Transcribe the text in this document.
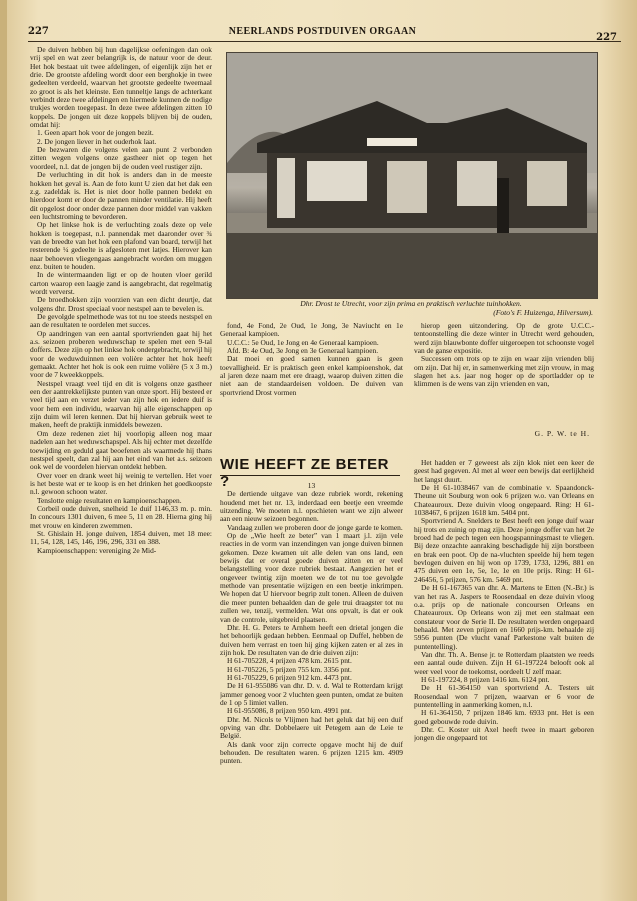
227	NEERLANDS POSTDUIVEN ORGAAN
227

De duiven hebben bij hun dagelijkse oefeningen dan ook vrij spel en wat zeer belangrijk is, de natuur voor de deur. Het hok bestaat uit twee afdelingen, of eigenlijk zijn het er drie. De grootste afdeling wordt door een berghokje in twee gedeelten verdeeld, waarvan het grootste gedeelte tweemaal zo groot is als het kleinste. Een tunneltje langs de achterkant verbindt deze twee afdelingen en hiermede kunnen de nodige trukjes worden toegepast. In deze twee afdelingen zitten 10 koppels. De jongen uit deze koppels blijven bij de ouden, omdat hij:

1. Geen apart hok voor de jongen bezit.

2. De jongen liever in het ouderhok laat.

De bezwaren die volgens velen aan punt 2 verbonden zitten wegen volgens onze gastheer niet op tegen het voordeel, n.l. dat de jongen bij de ouden veel rustiger zijn.

De verluchting in dit hok is anders dan in de meeste hokken het geval is. Aan de foto kunt U zien dat het dak een z.g. zadeldak is. Het is niet door holle pannen bedekt en hierdoor komt er door de pannen minder ventilatie. Hij heeft dit opgelost door onder deze pannen door middel van vakken een luchtstroming te bevorderen.

Op het linkse hok is de verluchting zoals deze op vele hokken is toegepast, n.l. pannendak met daaronder over ¾ van de breedte van het hok een plafond van board, terwijl het resterende ¼ gedeelte is afgesloten met latjes. Hierover kan naar behoeven vliegengaas aangebracht worden om muggen enz. buiten te houden.

In de wintermaanden ligt er op de houten vloer gerild carton waarop een laagje zand is aangebracht, dat regelmatig wordt ververst.

De broedhokken zijn voorzien van een dicht deurtje, dat volgens dhr. Drost speciaal voor nestspel aan te bevelen is.

De gevolgde spelmethode was tot nu toe steeds nestspel en aan de resultaten te oordelen met succes.

Op aandringen van een aantal sportvrienden gaat hij het a.s. seizoen proberen weduwschap te spelen met een 9-tal doffers. Deze zijn op het linkse hok ondergebracht, terwijl hij voor de weduwduinnen een volière achter het hok heeft gemaakt. Achter het hok is ook een ruime volière (5 x 3 m.) voor de 7 kweekkoppels.

Nestspel vraagt veel tijd en dit is volgens onze gastheer een der aantrekkelijkste punten van onze sport. Hij besteed er veel tijd aan en verzet ieder van zijn hok en iedere duif is voor hem een individu, waarvan hij alle eigenschappen op zijn duim wil leren kennen. Dat hij hiervan gebruik weet te maken, heeft de praktijk inmiddels bewezen.

Om deze redenen ziet hij voorlopig alleen nog maar nadelen aan het weduwschapspel. Als hij echter met dezelfde toewijding en geduld gaat beoefenen als waarmede hij thans nestspel speelt, dan zal hij aan het eind van het a.s. seizoen ook wel de voordelen hiervan ontdekt hebben.

Over voer en drank weet hij weinig te vertellen. Het voer is het beste wat er te koop is en het drinken het goedkoopste n.l. gewoon schoon water.

Tenslotte enige resultaten en kampioenschappen.

Corbeil oude duiven, snelheid 1e duif 1146,33 m. p. min. In concours 1301 duiven, 6 mee 5, 11 en 28. Hierna ging hij met vrouw en kinderen zwemmen.

St. Ghislain H. jonge duiven, 1854 duiven, met 18 mee: 11, 54, 128, 145, 146, 196, 296, 331 en 388.

Kampioenschappen: vereniging 2e Mid-

Dhr. Drost te Utrecht, voor zijn prima en praktisch verluchte tuinhokken.
(Foto's F. Huizenga, Hilversum).

fond, 4e Fond, 2e Oud, 1e Jong, 3e Naviucht en 1e Generaal kampioen.

U.C.C.: 5e Oud, 1e Jong en 4e Generaal kampioen.

Afd. B: 4e Oud, 3e Jong en 3e Generaal kampioen.

Dat moei en goed samen kunnen gaan is geen toevalligheid. Er is praktisch geen enkel kampioenshok, dat al jaren deze naam met ere draagt, waarop duiven zitten die niet aan de standaardeisen voldoen. De duiven van sportvriend Drost vormen

hierop geen uitzondering. Op de grote U.C.C.-tentoonstelling die deze winter in Utrecht werd gehouden, werd zijn blauwbonte doffer uitgeroepen tot schoonste vogel van de ganse expositie.

Successen om trots op te zijn en waar zijn vrienden blij om zijn. Dat hij er, in samenwerking met zijn vrouw, in mag slagen het a.s. jaar nog hoger op de sportladder op te klimmen is de wens van zijn vrienden en van,

G. P. W. te H.
WIE HEEFT ZE BETER ?	13

De dertiende uitgave van deze rubriek wordt, rekening houdend met het nr. 13, inderdaad een beetje een vreemde uitzending. We moeten n.l. opschieten want we zijn alweer aan een nieuw seizoen begonnen.

Vandaag zullen we proberen door de jonge garde te komen.

Op de „Wie heeft ze beter” van 1 maart j.l. zijn vele reacties in de vorm van inzendingen van jonge duiven binnen gekomen. Deze kwamen uit alle delen van ons land, een bewijs dat er overal goede duiven zitten en er veel belangstelling voor deze rubriek bestaat. Aangezien het er ongeveer twintig zijn moeten we de tot nu toe gevolgde methode van presentatie wijzigen en een beetje inkrimpen. We hopen dat U hiervoor begrip zult tonen. Alleen de duiven die meer punten behaalden dan de gele trui draagster tot nu zullen we, tenzij, vermelden. Wat ons opvalt, is dat er ook van de controle, uitgebreid plaatsen.

Dhr. H. G. Peters te Arnhem heeft een drietal jongen die het behoorlijk gedaan hebben. Eenmaal op Duffel, hebben de duiven hem verrast en toen hij ging kijken zaten er al zes in zijn hok. De resultaten van de drie duiven zijn:

H 61-705228, 4 prijzen 478 km. 2615 pnt.

H 61-705226, 5 prijzen 755 km. 3356 pnt.

H 61-705229, 6 prijzen 912 km. 4473 pnt.

De H 61-955086 van dhr. D. v. d. Wal te Rotterdam krijgt jammer genoeg voor 2 vluchten geen punten, omdat ze buiten de 1 op 5 limiet vallen.

H 61-955086, 8 prijzen 950 km. 4991 pnt.

Dhr. M. Nicols te Vlijmen had het geluk dat hij een duif opving van dhr. Dobbelaere uit Petegem aan de Leie te België.

Als dank voor zijn correcte opgave mocht hij de duif behouden. De resultaten waren. 6 prijzen 1215 km. 4909 punten.

Het hadden er 7 geweest als zijn klok niet een keer de geest had gegeven. Al met al weer een bewijs dat eerlijkheid het langst duurt.

De H 61-1038467 van de combinatie v. Spaandonck-Theune uit Souburg won ook 6 prijzen w.o. van Orleans en Chateauroux. Deze duivin vloog ongepaard. Ring: H 61-1038467, 6 prijzen 1618 km. 5404 pnt.

Sportvriend A. Snelders te Best heeft een jonge duif waar hij trots en zuinig op mag zijn. Deze jonge doffer van het 2e broed had de pech tegen een hoogspanningsmast te vliegen. Bij deze onzachte aanraking beschadigde hij zijn borstbeen en brak een poot. Op de na-vluchten speelde hij hem tegen bevlogen duiven en hij won op 1739, 1733, 1296, 881 en 475 duiven een 1e, 5e, 1e, 1e en 10e prijs. Ring: H 61-246456, 5 prijzen, 576 km. 5469 pnt.

De H 61-167365 van dhr. A. Martens te Etten (N.-Br.) is van het ras A. Jaspers te Roosendaal en deze duivin vloog o.a. prijs op de nationale concoursen Orleans en Chateauroux. Op Orleans won zij met een stalmaat een constateur voor de Serie II. De resultaten werden ongepaard behaald. Met zeven prijzen en 1660 prijs-km. behaalde zij 5956 punten (De vlucht vanaf Parkestone valt buiten de puntentelling).

Van dhr. Th. A. Bense jr. te Rotterdam plaatsten we reeds een aantal oude duiven. Zijn H 61-197224 belooft ook al weer veel voor de toekomst, oordeelt U zelf maar.

H 61-197224, 8 prijzen 1416 km. 6124 pnt.

De H 61-364150 van sportvriend A. Testers uit Roosendaal won 7 prijzen, waarvan er 6 voor de puntentelling in aanmerking komen, n.l.

H 61-364150, 7 prijzen 1846 km. 6933 pnt. Het is een goed gebouwde rode duivin.

Dhr. C. Koster uit Axel heeft twee in maart geboren jongen die ongepaard tot
